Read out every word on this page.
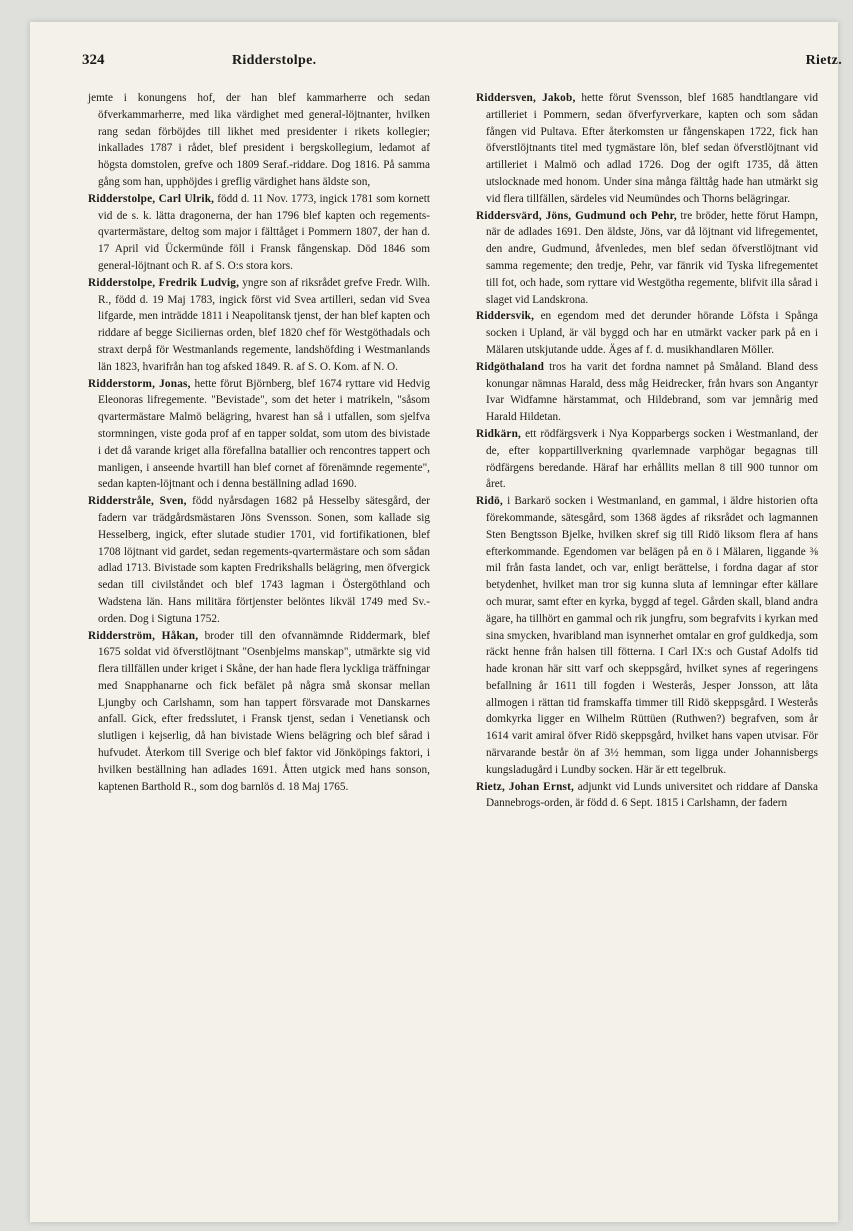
324	Ridderstolpe.	Rietz.

jemte i konungens hof, der han blef kammarherre och sedan öfverkammarherre, med lika värdighet med general-löjtnanter, hvilken rang sedan förböjdes till likhet med presidenter i rikets kollegier; inkallades 1787 i rådet, blef president i bergskollegium, ledamot af högsta domstolen, grefve och 1809 Seraf.-riddare. Dog 1816. På samma gång som han, upphöjdes i greflig värdighet hans äldste son,

Ridderstolpe, Carl Ulrik, född d. 11 Nov. 1773, ingick 1781 som kornett vid de s. k. lätta dragonerna, der han 1796 blef kapten och regements-qvartermästare, deltog som major i fälttåget i Pommern 1807, der han d. 17 April vid Ückermünde föll i Fransk fångenskap. Död 1846 som general-löjtnant och R. af S. O:s stora kors.

Ridderstolpe, Fredrik Ludvig, yngre son af riksrådet grefve Fredr. Wilh. R., född d. 19 Maj 1783, ingick först vid Svea artilleri, sedan vid Svea lifgarde, men inträdde 1811 i Neapolitansk tjenst, der han blef kapten och riddare af begge Siciliernas orden, blef 1820 chef för Westgöthadals och straxt derpå för Westmanlands regemente, landshöfding i Westmanlands län 1823, hvarifrån han tog afsked 1849. R. af S. O. Kom. af N. O.

Ridderstorm, Jonas, hette förut Björnberg, blef 1674 ryttare vid Hedvig Eleonoras lifregemente. "Bevistade", som det heter i matrikeln, "såsom qvartermästare Malmö belägring, hvarest han så i utfallen, som sjelfva stormningen, viste goda prof af en tapper soldat, som utom des bivistade i det då varande kriget alla förefallna batallier och rencontres tappert och manligen, i anseende hvartill han blef cornet af förenämnde regemente", sedan kapten-löjtnant och i denna beställning adlad 1690.

Ridderstråle, Sven, född nyårsdagen 1682 på Hesselby sätesgård, der fadern var trädgårdsmästaren Jöns Svensson. Sonen, som kallade sig Hesselberg, ingick, efter slutade studier 1701, vid fortifikationen, blef 1708 löjtnant vid gardet, sedan regements-qvartermästare och som sådan adlad 1713. Bivistade som kapten Fredrikshalls belägring, men öfvergick sedan till civilståndet och blef 1743 lagman i Östergöthland och Wadstena län. Hans militära förtjenster belöntes likväl 1749 med Sv.-orden. Dog i Sigtuna 1752.

Ridderström, Håkan, broder till den ofvannämnde Riddermark, blef 1675 soldat vid öfverstlöjtnant "Osenbjelms manskap", utmärkte sig vid flera tillfällen under kriget i Skåne, der han hade flera lyckliga träffningar med Snapphanarne och fick befälet på några små skonsar mellan Ljungby och Carlshamn, som han tappert försvarade mot Danskarnes anfall. Gick, efter fredsslutet, i Fransk tjenst, sedan i Venetiansk och slutligen i kejserlig, då han bivistade Wiens belägring och blef sårad i hufvudet. Återkom till Sverige och blef faktor vid Jönköpings faktori, i hvilken beställning han adlades 1691. Åtten utgick med hans sonson, kaptenen Barthold R., som dog barnlös d. 18 Maj 1765.

Riddersven, Jakob, hette förut Svensson, blef 1685 handtlangare vid artilleriet i Pommern, sedan öfverfyrverkare, kapten och som sådan fången vid Pultava. Efter återkomsten ur fångenskapen 1722, fick han öfverstlöjtnants titel med tygmästare lön, blef sedan öfverstlöjtnant vid artilleriet i Malmö och adlad 1726. Dog der ogift 1735, då ätten utslocknade med honom. Under sina många fälttåg hade han utmärkt sig vid flera tillfällen, särdeles vid Neumündes och Thorns belägringar.

Riddersvärd, Jöns, Gudmund och Pehr, tre bröder, hette förut Hampn, när de adlades 1691. Den äldste, Jöns, var då löjtnant vid lifregementet, den andre, Gudmund, åfvenledes, men blef sedan öfverstlöjtnant vid samma regemente; den tredje, Pehr, var fänrik vid Tyska lifregementet till fot, och hade, som ryttare vid Westgötha regemente, blifvit illa sårad i slaget vid Landskrona.

Riddersvik, en egendom med det derunder hörande Löfsta i Spånga socken i Upland, är väl byggd och har en utmärkt vacker park på en i Mälaren utskjutande udde. Äges af f. d. musikhandlaren Möller.

Ridgöthaland tros ha varit det fordna namnet på Småland. Bland dess konungar nämnas Harald, dess måg Heidrecker, från hvars son Angantyr Ivar Widfamne härstammat, och Hildebrand, som var jemnårig med Harald Hildetan.

Ridkärn, ett rödfärgsverk i Nya Kopparbergs socken i Westmanland, der de, efter koppartillverkning qvarlemnade varphögar begagnas till rödfärgens beredande. Häraf har erhållits mellan 8 till 900 tunnor om året.

Ridö, i Barkarö socken i Westmanland, en gammal, i äldre historien ofta förekommande, sätesgård, som 1368 ägdes af riksrådet och lagmannen Sten Bengtsson Bjelke, hvilken skref sig till Ridö liksom flera af hans efterkommande. Egendomen var belägen på en ö i Mälaren, liggande ⅜ mil från fasta landet, och var, enligt berättelse, i fordna dagar af stor betydenhet, hvilket man tror sig kunna sluta af lemningar efter källare och murar, samt efter en kyrka, byggd af tegel. Gården skall, bland andra ägare, ha tillhört en gammal och rik jungfru, som begrafvits i kyrkan med sina smycken, hvaribland man isynnerhet omtalar en grof guldkedja, som räckt henne från halsen till fötterna. I Carl IX:s och Gustaf Adolfs tid hade kronan här sitt varf och skeppsgård, hvilket synes af regeringens befallning år 1611 till fogden i Westerås, Jesper Jonsson, att låta allmogen i rättan tid framskaffa timmer till Ridö skeppsgård. I Westerås domkyrka ligger en Wilhelm Rüttüen (Ruthwen?) begrafven, som år 1614 varit amiral öfver Ridö skeppsgård, hvilket hans vapen utvisar. För närvarande består ön af 3½ hemman, som ligga under Johannisbergs kungsladugård i Lundby socken. Här är ett tegelbruk.

Rietz, Johan Ernst, adjunkt vid Lunds universitet och riddare af Danska Dannebrogs-orden, är född d. 6 Sept. 1815 i Carlshamn, der fadern
